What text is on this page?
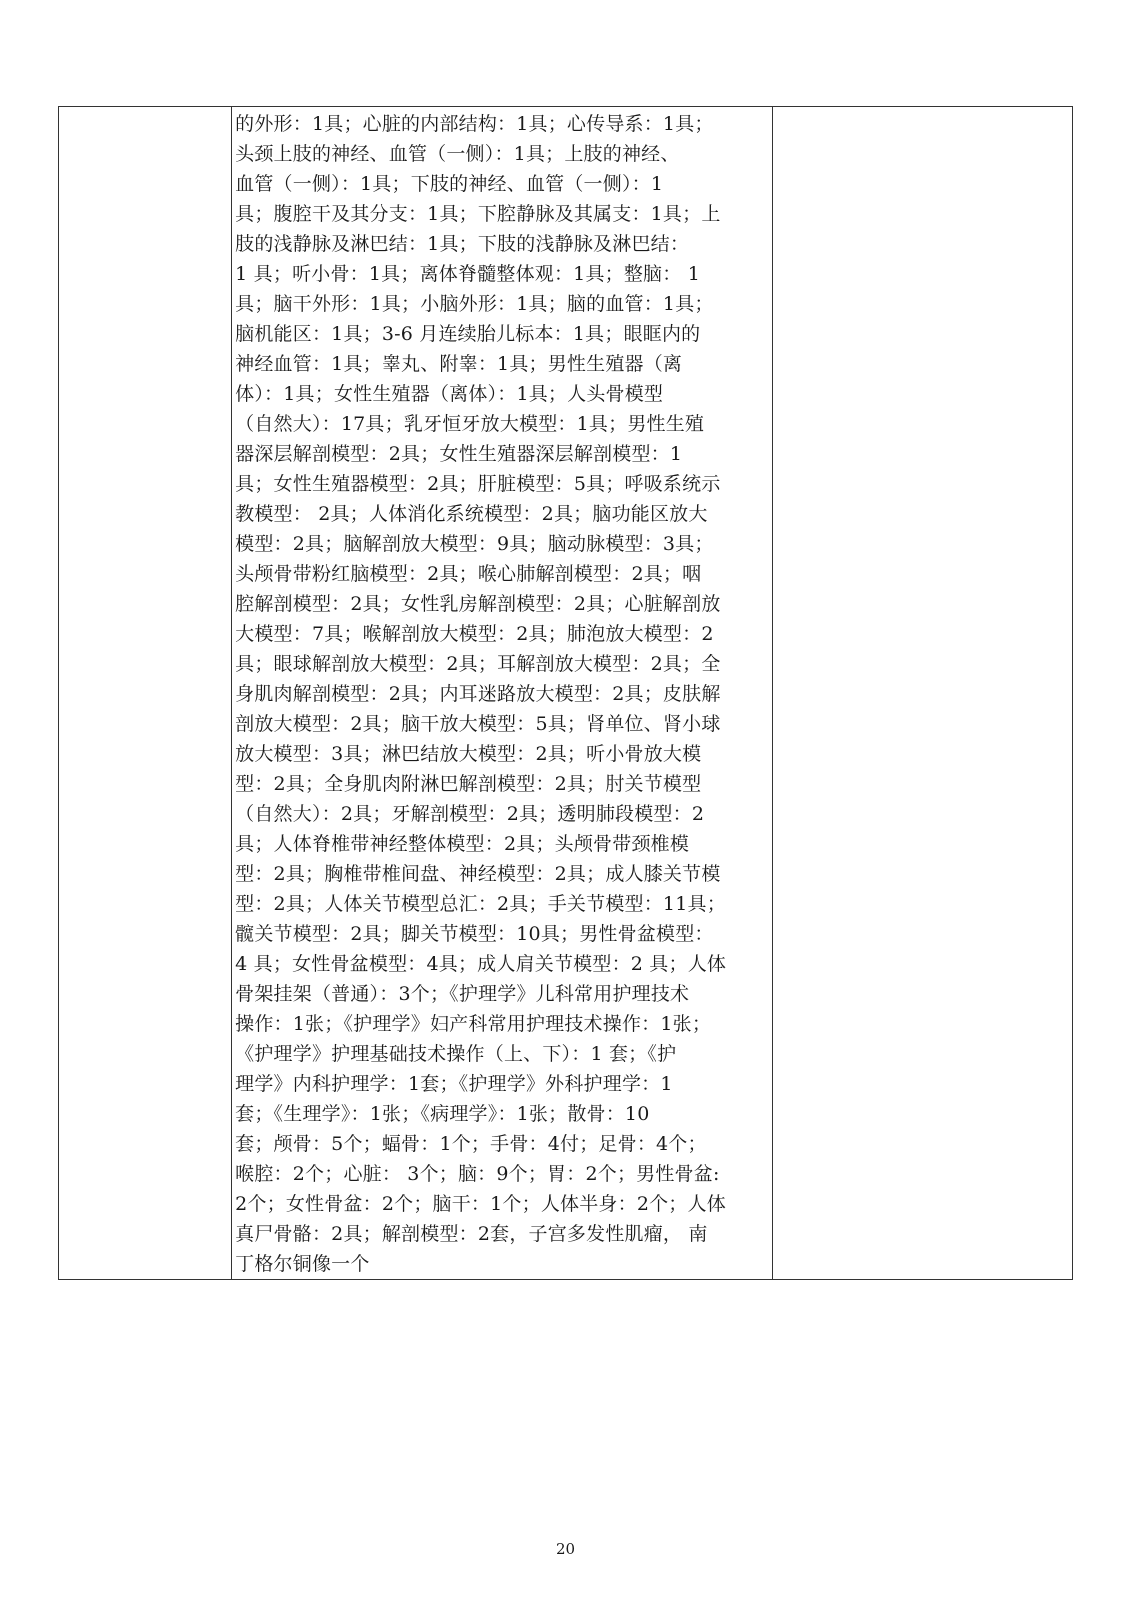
的外形：1具；心脏的内部结构：1具；心传导系：1具；
头颈上肢的神经、血管（一侧）：1具；上肢的神经、
血管（一侧）：1具；下肢的神经、血管（一侧）：1
具；腹腔干及其分支：1具；下腔静脉及其属支：1具；上
肢的浅静脉及淋巴结：1具；下肢的浅静脉及淋巴结：
1 具；听小骨：1具；离体脊髓整体观：1具；整脑： 1
具；脑干外形：1具；小脑外形：1具；脑的血管：1具；
脑机能区：1具；3-6 月连续胎儿标本：1具；眼眶内的
神经血管：1具；睾丸、附睾：1具；男性生殖器（离
体）：1具；女性生殖器（离体）：1具；人头骨模型
（自然大）：17具；乳牙恒牙放大模型：1具；男性生殖
器深层解剖模型：2具；女性生殖器深层解剖模型：1
具；女性生殖器模型：2具；肝脏模型：5具；呼吸系统示
教模型： 2具；人体消化系统模型：2具；脑功能区放大
模型：2具；脑解剖放大模型：9具；脑动脉模型：3具；
头颅骨带粉红脑模型：2具；喉心肺解剖模型：2具；咽
腔解剖模型：2具；女性乳房解剖模型：2具；心脏解剖放
大模型：7具；喉解剖放大模型：2具；肺泡放大模型：2
具；眼球解剖放大模型：2具；耳解剖放大模型：2具；全
身肌肉解剖模型：2具；内耳迷路放大模型：2具；皮肤解
剖放大模型：2具；脑干放大模型：5具；肾单位、肾小球
放大模型：3具；淋巴结放大模型：2具；听小骨放大模
型：2具；全身肌肉附淋巴解剖模型：2具；肘关节模型
（自然大）：2具；牙解剖模型：2具；透明肺段模型：2
具；人体脊椎带神经整体模型：2具；头颅骨带颈椎模
型：2具；胸椎带椎间盘、神经模型：2具；成人膝关节模
型：2具；人体关节模型总汇：2具；手关节模型：11具；
髋关节模型：2具；脚关节模型：10具；男性骨盆模型：
4 具；女性骨盆模型：4具；成人肩关节模型：2 具；人体
骨架挂架（普通）：3个；《护理学》儿科常用护理技术
操作：1张；《护理学》妇产科常用护理技术操作：1张；
《护理学》护理基础技术操作（上、下）：1 套；《护
理学》内科护理学：1套；《护理学》外科护理学：1
套；《生理学》：1张；《病理学》：1张；散骨：10
套；颅骨：5个；蝠骨：1个；手骨：4付；足骨：4个；
喉腔：2个；心脏： 3个；脑：9个；胃：2个；男性骨盆:
2个；女性骨盆：2个；脑干：1个；人体半身：2个；人体
真尸骨骼：2具；解剖模型：2套，子宫多发性肌瘤， 南
丁格尔铜像一个

20
